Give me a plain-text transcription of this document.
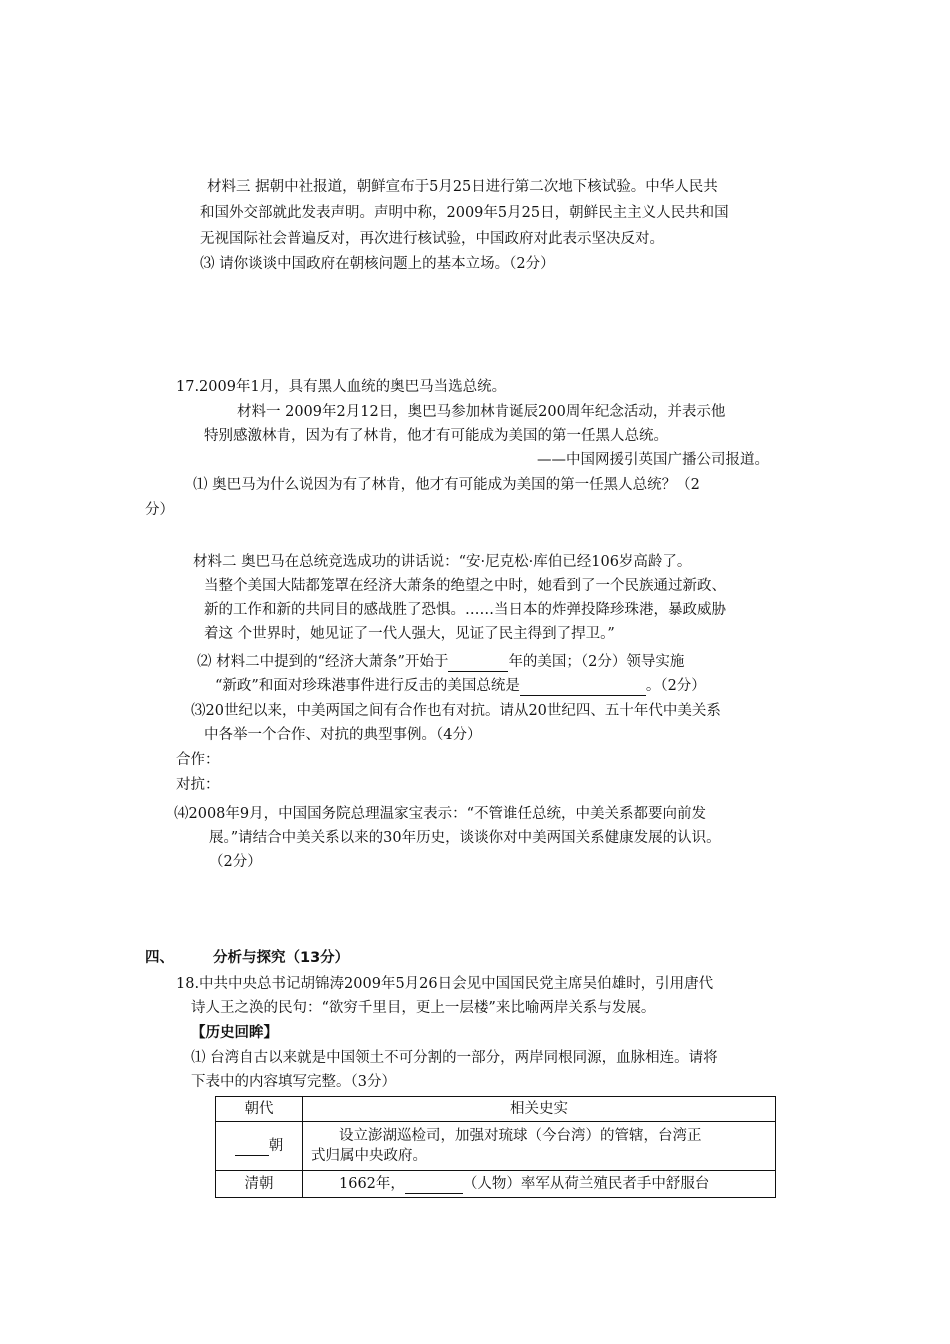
材料三 据朝中社报道，朝鲜宣布于5月25日进行第二次地下核试验。中华人民共
和国外交部就此发表声明。声明中称，2009年5月25日，朝鲜民主主义人民共和国
无视国际社会普遍反对，再次进行核试验，中国政府对此表示坚决反对。
⑶ 请你谈谈中国政府在朝核问题上的基本立场。（2分）
17.2009年1月，具有黑人血统的奥巴马当选总统。
材料一 2009年2月12日，奥巴马参加林肯诞辰200周年纪念活动，并表示他
特别感激林肯，因为有了林肯，他才有可能成为美国的第一任黑人总统。
——中国网援引英国广播公司报道。
⑴ 奥巴马为什么说因为有了林肯，他才有可能成为美国的第一任黑人总统？（2
分）
材料二 奥巴马在总统竞选成功的讲话说：“安·尼克松·库伯已经106岁高龄了。
当整个美国大陆都笼罩在经济大萧条的绝望之中时，她看到了一个民族通过新政、
新的工作和新的共同目的感战胜了恐惧。……当日本的炸弹投降珍珠港，暴政威胁
着这 个世界时，她见证了一代人强大，见证了民主得到了捍卫。”
⑵ 材料二中提到的“经济大萧条”开始于	年的美国；（2分）领导实施
“新政”和面对珍珠港事件进行反击的美国总统是	。（2分）
⑶20世纪以来，中美两国之间有合作也有对抗。请从20世纪四、五十年代中美关系
中各举一个合作、对抗的典型事例。（4分）
合作：
对抗：
⑷2008年9月，中国国务院总理温家宝表示：“不管谁任总统，中美关系都要向前发
展。”请结合中美关系以来的30年历史，谈谈你对中美两国关系健康发展的认识。
（2分）
四、	分析与探究（13分）
18.中共中央总书记胡锦涛2009年5月26日会见中国国民党主席吴伯雄时，引用唐代
诗人王之涣的民句：“欲穷千里目，更上一层楼”来比喻两岸关系与发展。
【历史回眸】
⑴ 台湾自古以来就是中国领土不可分割的一部分，两岸同根同源，血脉相连。请将
下表中的内容填写完整。（3分）
朝代	相关史实
朝	设立澎湖巡检司，加强对琉球（今台湾）的管辖，台湾正
式归属中央政府。

清朝	1662年， （人物）率军从荷兰殖民者手中舒服台
